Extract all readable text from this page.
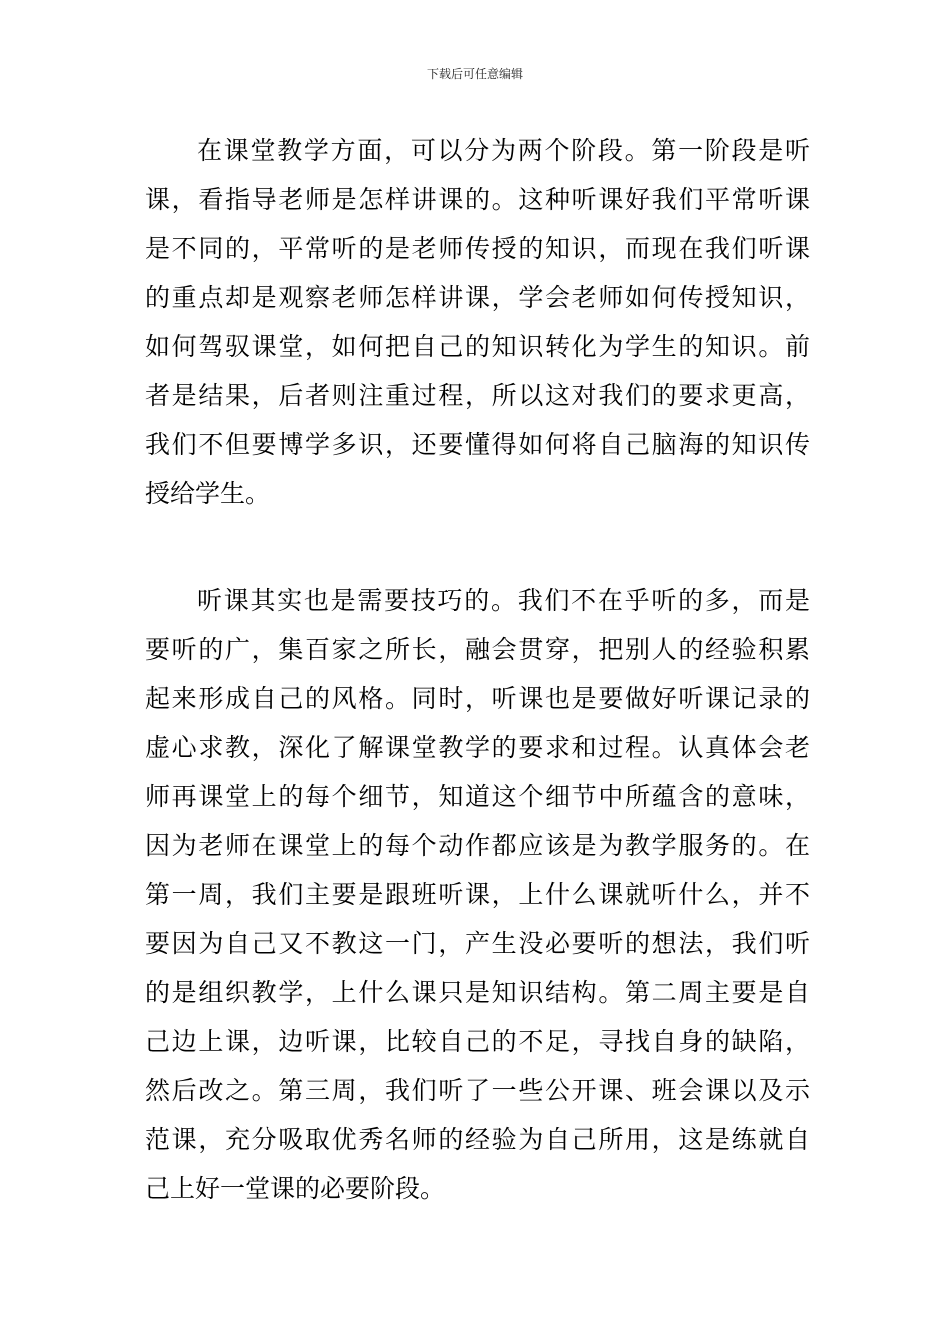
下载后可任意编辑
在课堂教学方面，可以分为两个阶段。第一阶段是听
课，看指导老师是怎样讲课的。这种听课好我们平常听课
是不同的，平常听的是老师传授的知识，而现在我们听课
的重点却是观察老师怎样讲课，学会老师如何传授知识，
如何驾驭课堂，如何把自己的知识转化为学生的知识。前
者是结果，后者则注重过程，所以这对我们的要求更高，
我们不但要博学多识，还要懂得如何将自己脑海的知识传
授给学生。
听课其实也是需要技巧的。我们不在乎听的多，而是
要听的广，集百家之所长，融会贯穿，把别人的经验积累
起来形成自己的风格。同时，听课也是要做好听课记录的
虚心求教，深化了解课堂教学的要求和过程。认真体会老
师再课堂上的每个细节，知道这个细节中所蕴含的意味，
因为老师在课堂上的每个动作都应该是为教学服务的。在
第一周，我们主要是跟班听课，上什么课就听什么，并不
要因为自己又不教这一门，产生没必要听的想法，我们听
的是组织教学，上什么课只是知识结构。第二周主要是自
己边上课，边听课，比较自己的不足，寻找自身的缺陷，
然后改之。第三周，我们听了一些公开课、班会课以及示
范课，充分吸取优秀名师的经验为自己所用，这是练就自
己上好一堂课的必要阶段。
